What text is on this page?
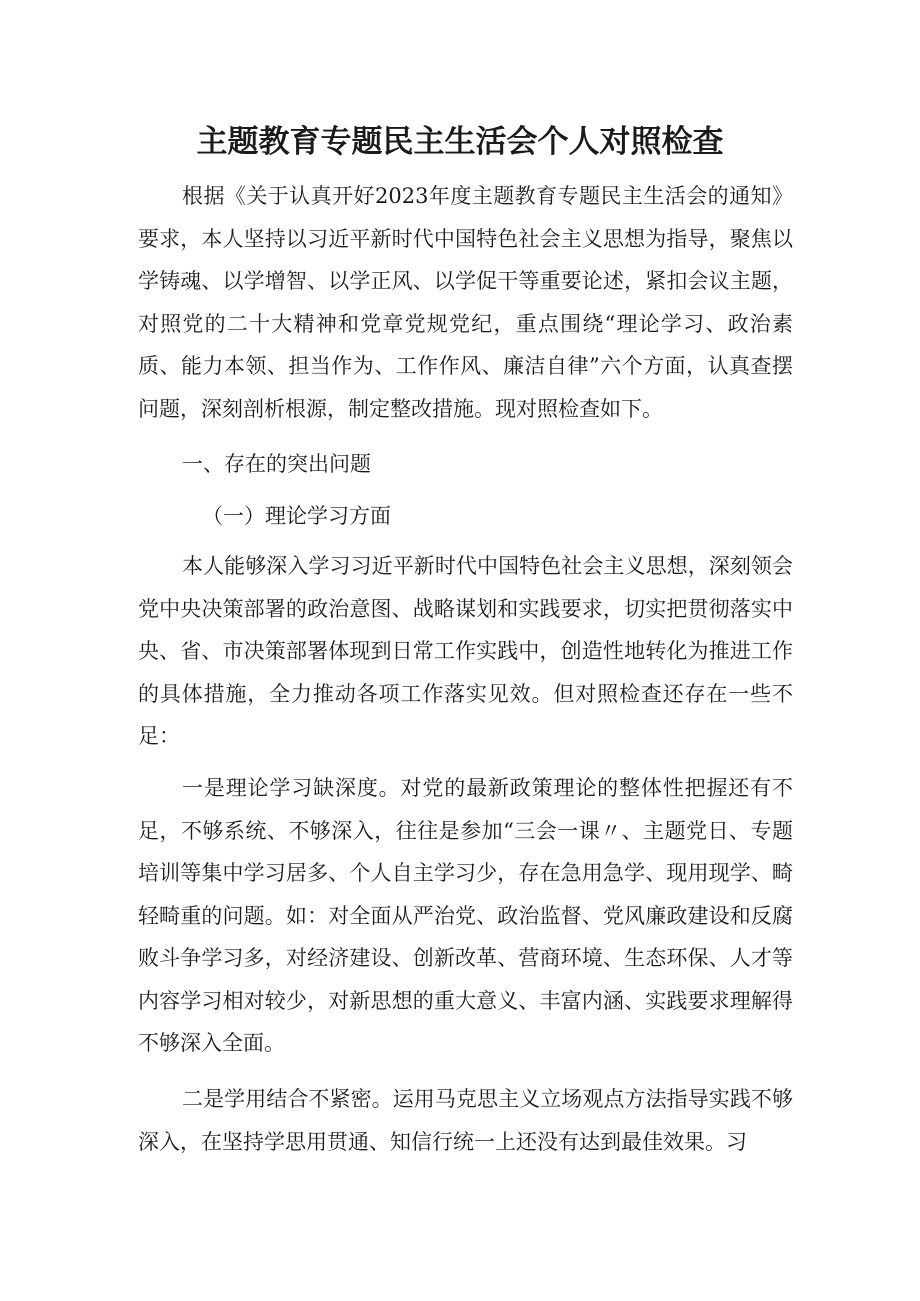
主题教育专题民主生活会个人对照检查

根据《关于认真开好2023年度主题教育专题民主生活会的通知》要求，本人坚持以习近平新时代中国特色社会主义思想为指导，聚焦以学铸魂、以学增智、以学正风、以学促干等重要论述，紧扣会议主题，对照党的二十大精神和党章党规党纪，重点围绕“理论学习、政治素质、能力本领、担当作为、工作作风、廉洁自律”六个方面，认真查摆问题，深刻剖析根源，制定整改措施。现对照检查如下。

一、存在的突出问题

（一）理论学习方面

本人能够深入学习习近平新时代中国特色社会主义思想，深刻领会党中央决策部署的政治意图、战略谋划和实践要求，切实把贯彻落实中央、省、市决策部署体现到日常工作实践中，创造性地转化为推进工作的具体措施，全力推动各项工作落实见效。但对照检查还存在一些不足：

一是理论学习缺深度。对党的最新政策理论的整体性把握还有不足，不够系统、不够深入，往往是参加“三会一课〃、主题党日、专题培训等集中学习居多、个人自主学习少，存在急用急学、现用现学、畸轻畸重的问题。如：对全面从严治党、政治监督、党风廉政建设和反腐败斗争学习多，对经济建设、创新改革、营商环境、生态环保、人才等内容学习相对较少，对新思想的重大意义、丰富内涵、实践要求理解得不够深入全面。

二是学用结合不紧密。运用马克思主义立场观点方法指导实践不够深入，在坚持学思用贯通、知信行统一上还没有达到最佳效果。习
